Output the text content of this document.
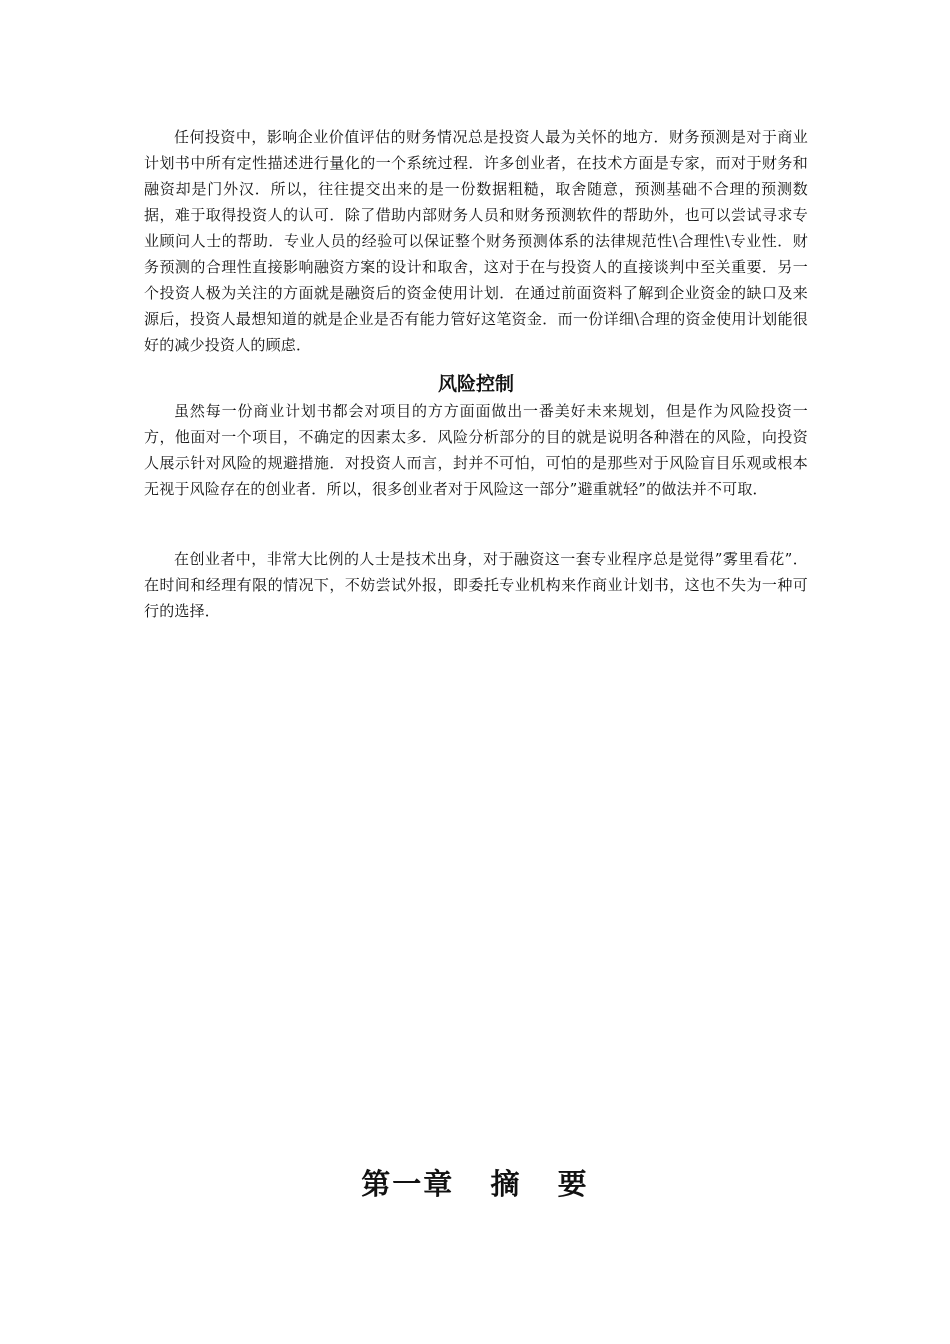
任何投资中，影响企业价值评估的财务情况总是投资人最为关怀的地方．财务预测是对于商业计划书中所有定性描述进行量化的一个系统过程．许多创业者，在技术方面是专家，而对于财务和融资却是门外汉．所以，往往提交出来的是一份数据粗糙，取舍随意，预测基础不合理的预测数据，难于取得投资人的认可．除了借助内部财务人员和财务预测软件的帮助外，也可以尝试寻求专业顾问人士的帮助．专业人员的经验可以保证整个财务预测体系的法律规范性\合理性\专业性．财务预测的合理性直接影响融资方案的设计和取舍，这对于在与投资人的直接谈判中至关重要．另一个投资人极为关注的方面就是融资后的资金使用计划．在通过前面资料了解到企业资金的缺口及来源后，投资人最想知道的就是企业是否有能力管好这笔资金．而一份详细\合理的资金使用计划能很好的减少投资人的顾虑．

风险控制

虽然每一份商业计划书都会对项目的方方面面做出一番美好未来规划，但是作为风险投资一方，他面对一个项目，不确定的因素太多．风险分析部分的目的就是说明各种潜在的风险，向投资人展示针对风险的规避措施．对投资人而言，封并不可怕，可怕的是那些对于风险盲目乐观或根本无视于风险存在的创业者．所以，很多创业者对于风险这一部分”避重就轻”的做法并不可取．

在创业者中，非常大比例的人士是技术出身，对于融资这一套专业程序总是觉得”雾里看花”．在时间和经理有限的情况下，不妨尝试外报，即委托专业机构来作商业计划书，这也不失为一种可行的选择．

第一章  摘  要
